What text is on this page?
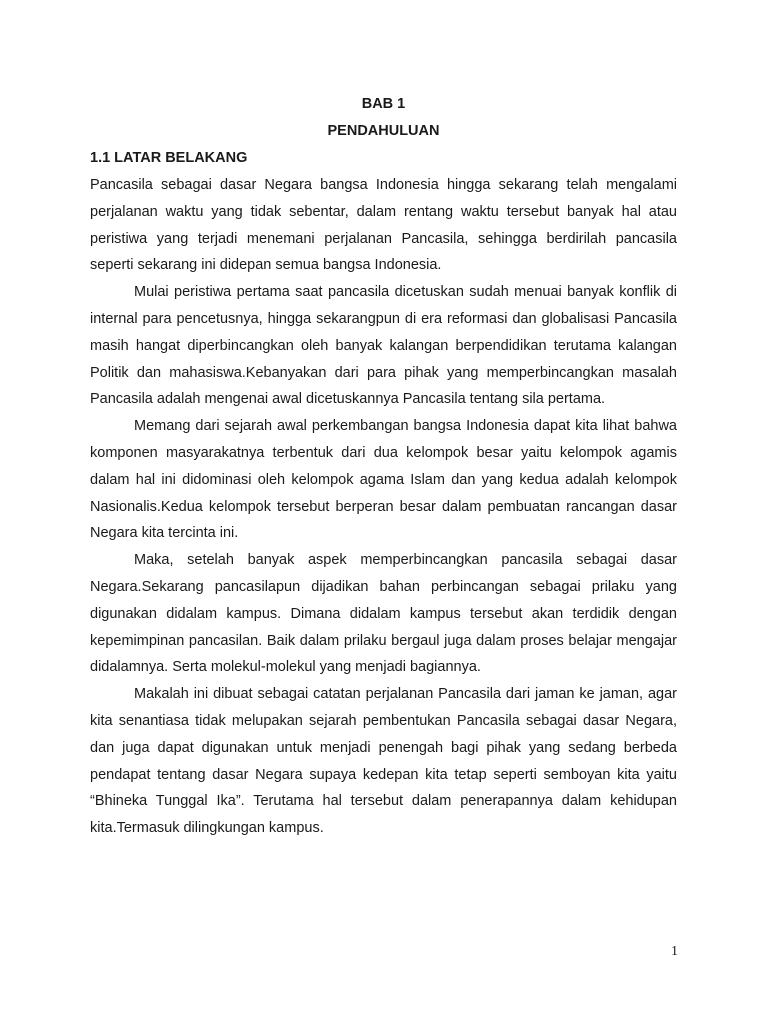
BAB 1

PENDAHULUAN

1.1 LATAR BELAKANG

Pancasila sebagai dasar Negara bangsa Indonesia hingga sekarang telah mengalami perjalanan waktu yang tidak sebentar, dalam rentang waktu tersebut banyak hal atau peristiwa yang terjadi menemani perjalanan Pancasila, sehingga berdirilah pancasila seperti sekarang ini didepan semua bangsa Indonesia.

Mulai peristiwa pertama saat pancasila dicetuskan sudah menuai banyak konflik di internal para pencetusnya, hingga sekarangpun di era reformasi dan globalisasi Pancasila masih hangat diperbincangkan oleh banyak kalangan berpendidikan terutama kalangan Politik dan mahasiswa.Kebanyakan dari para pihak yang memperbincangkan masalah Pancasila adalah mengenai awal dicetuskannya Pancasila tentang sila pertama.

Memang dari sejarah awal perkembangan bangsa Indonesia dapat kita lihat bahwa komponen masyarakatnya terbentuk dari dua kelompok besar yaitu kelompok agamis dalam hal ini didominasi oleh kelompok agama Islam dan yang kedua adalah kelompok Nasionalis.Kedua kelompok tersebut berperan besar dalam pembuatan rancangan dasar Negara kita tercinta ini.

Maka, setelah banyak aspek memperbincangkan pancasila sebagai dasar Negara.Sekarang pancasilapun dijadikan bahan perbincangan sebagai prilaku yang digunakan didalam kampus. Dimana didalam kampus tersebut akan terdidik dengan kepemimpinan pancasilan. Baik dalam prilaku bergaul juga dalam proses belajar mengajar didalamnya. Serta molekul-molekul yang menjadi bagiannya.

Makalah ini dibuat sebagai catatan perjalanan Pancasila dari jaman ke jaman, agar kita senantiasa tidak melupakan sejarah pembentukan Pancasila sebagai dasar Negara, dan juga dapat digunakan untuk menjadi penengah bagi pihak yang sedang berbeda pendapat tentang dasar Negara supaya kedepan kita tetap seperti semboyan kita yaitu “Bhineka Tunggal Ika”. Terutama hal tersebut dalam penerapannya dalam kehidupan kita.Termasuk dilingkungan kampus.

1
